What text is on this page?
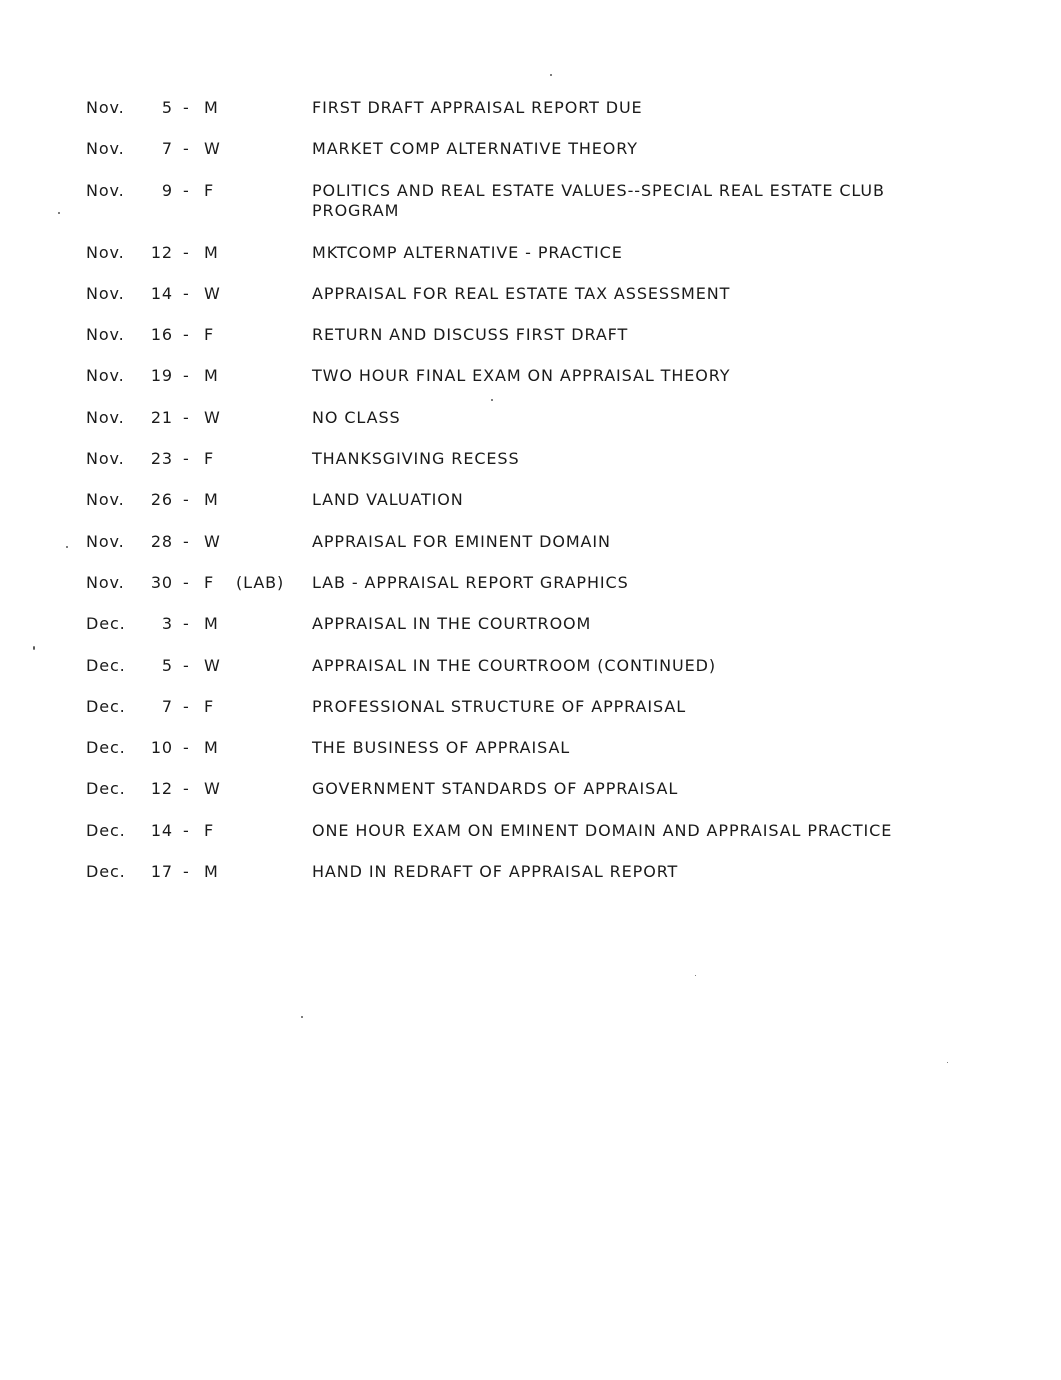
Nov.	5 - M	FIRST DRAFT APPRAISAL REPORT DUE
Nov.	7 - W	MARKET COMP ALTERNATIVE THEORY
Nov.	9 - F	POLITICS AND REAL ESTATE VALUES--SPECIAL REAL ESTATE CLUB PROGRAM
Nov.	12 - M	MKTCOMP ALTERNATIVE - PRACTICE
Nov.	14 - W	APPRAISAL FOR REAL ESTATE TAX ASSESSMENT
Nov.	16 - F	RETURN AND DISCUSS FIRST DRAFT
Nov.	19 - M	TWO HOUR FINAL EXAM ON APPRAISAL THEORY
Nov.	21 - W	NO CLASS
Nov.	23 - F	THANKSGIVING RECESS
Nov.	26 - M	LAND VALUATION
Nov.	28 - W	APPRAISAL FOR EMINENT DOMAIN
Nov.	30 - F (LAB) LAB - APPRAISAL REPORT GRAPHICS
Dec.	3 - M	APPRAISAL IN THE COURTROOM
Dec.	5 - W	APPRAISAL IN THE COURTROOM (CONTINUED)
Dec.	7 - F	PROFESSIONAL STRUCTURE OF APPRAISAL
Dec.	10 - M	THE BUSINESS OF APPRAISAL
Dec.	12 - W	GOVERNMENT STANDARDS OF APPRAISAL
Dec.	14 - F	ONE HOUR EXAM ON EMINENT DOMAIN AND APPRAISAL PRACTICE
Dec.	17 - M	HAND IN REDRAFT OF APPRAISAL REPORT
